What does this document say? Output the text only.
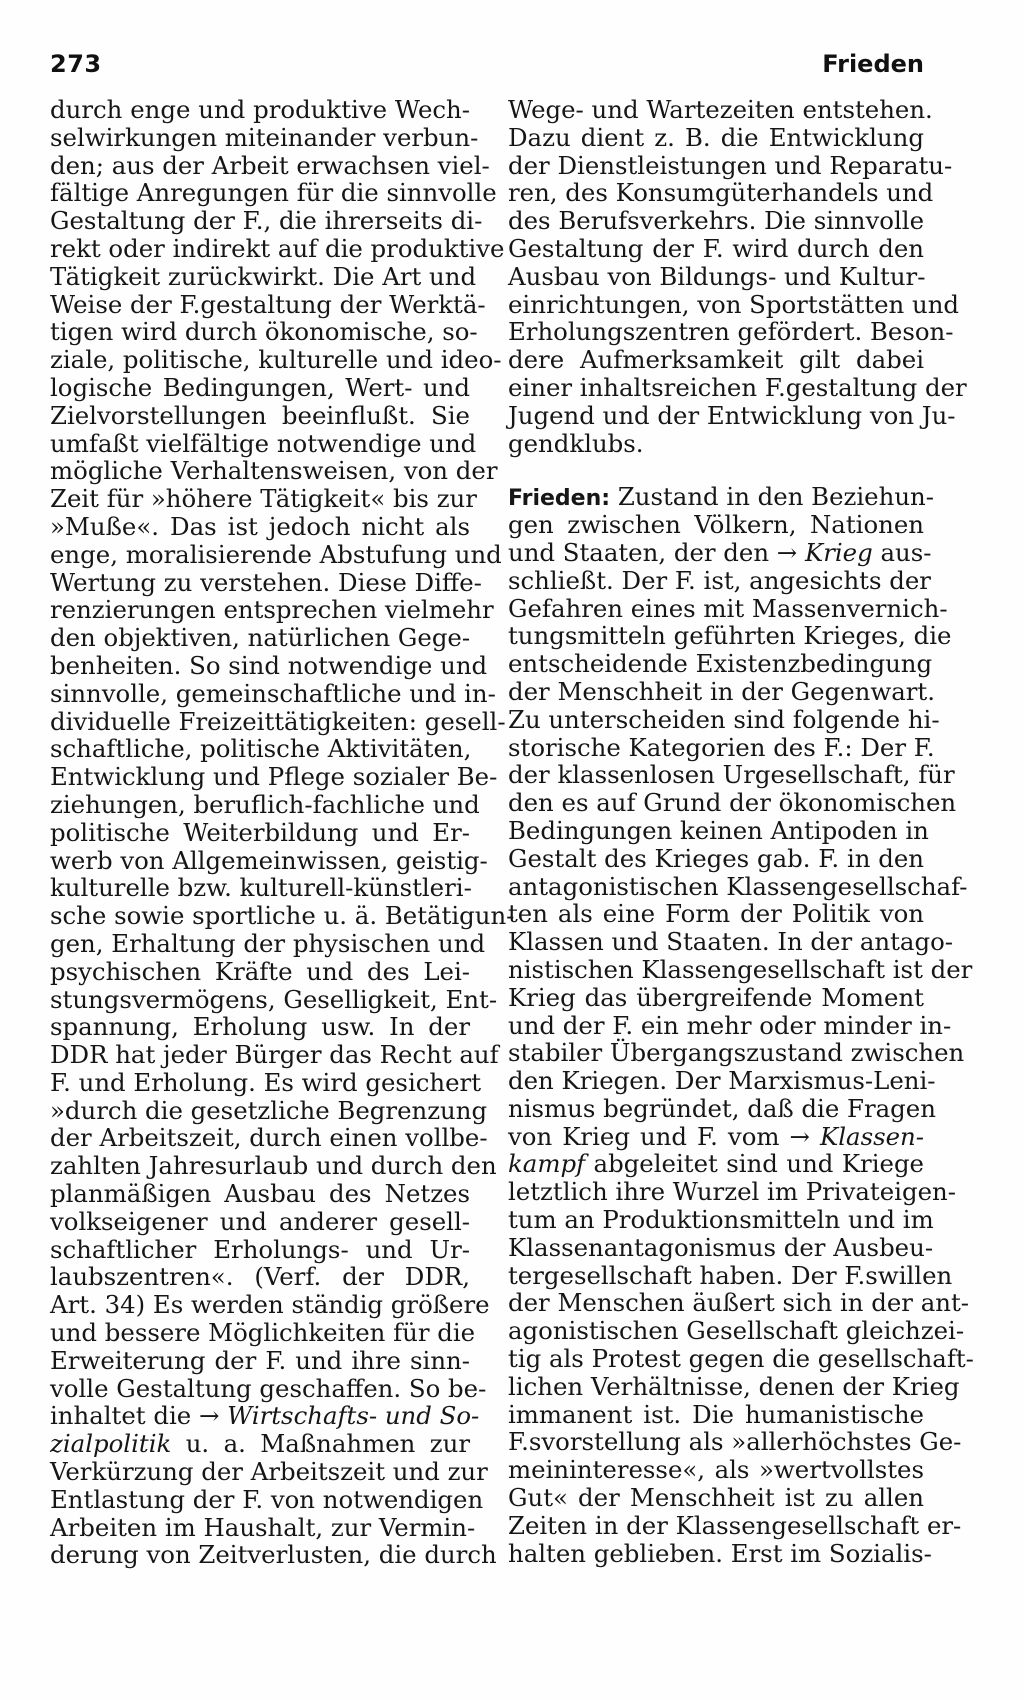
273	Frieden
durch enge und produktive Wech-
selwirkungen miteinander verbun-
den; aus der Arbeit erwachsen viel-
fältige Anregungen für die sinnvolle
Gestaltung der F., die ihrerseits di-
rekt oder indirekt auf die produktive
Tätigkeit zurückwirkt. Die Art und
Weise der F.gestaltung der Werktä-
tigen wird durch ökonomische, so-
ziale, politische, kulturelle und ideo-
logische Bedingungen, Wert- und
Zielvorstellungen beeinflußt. Sie
umfaßt vielfältige notwendige und
mögliche Verhaltensweisen, von der
Zeit für »höhere Tätigkeit« bis zur
»Muße«. Das ist jedoch nicht als
enge, moralisierende Abstufung und
Wertung zu verstehen. Diese Diffe-
renzierungen entsprechen vielmehr
den objektiven, natürlichen Gege-
benheiten. So sind notwendige und
sinnvolle, gemeinschaftliche und in-
dividuelle Freizeittätigkeiten: gesell-
schaftliche, politische Aktivitäten,
Entwicklung und Pflege sozialer Be-
ziehungen, beruflich-fachliche und
politische Weiterbildung und Er-
werb von Allgemeinwissen, geistig-
kulturelle bzw. kulturell-künstleri-
sche sowie sportliche u. ä. Betätigun-
gen, Erhaltung der physischen und
psychischen Kräfte und des Lei-
stungsvermögens, Geselligkeit, Ent-
spannung, Erholung usw. In der
DDR hat jeder Bürger das Recht auf
F. und Erholung. Es wird gesichert
»durch die gesetzliche Begrenzung
der Arbeitszeit, durch einen vollbe-
zahlten Jahresurlaub und durch den
planmäßigen Ausbau des Netzes
volkseigener und anderer gesell-
schaftlicher Erholungs- und Ur-
laubszentren«. (Verf. der DDR,
Art. 34) Es werden ständig größere
und bessere Möglichkeiten für die
Erweiterung der F. und ihre sinn-
volle Gestaltung geschaffen. So be-
inhaltet die → Wirtschafts- und So-
zialpolitik u. a. Maßnahmen zur
Verkürzung der Arbeitszeit und zur
Entlastung der F. von notwendigen
Arbeiten im Haushalt, zur Vermin-
derung von Zeitverlusten, die durch
Wege- und Wartezeiten entstehen.
Dazu dient z. B. die Entwicklung
der Dienstleistungen und Reparatu-
ren, des Konsumgüterhandels und
des Berufsverkehrs. Die sinnvolle
Gestaltung der F. wird durch den
Ausbau von Bildungs- und Kultur-
einrichtungen, von Sportstätten und
Erholungszentren gefördert. Beson-
dere Aufmerksamkeit gilt dabei
einer inhaltsreichen F.gestaltung der
Jugend und der Entwicklung von Ju-
gendklubs.
Frieden: Zustand in den Beziehun-
gen zwischen Völkern, Nationen
und Staaten, der den → Krieg aus-
schließt. Der F. ist, angesichts der
Gefahren eines mit Massenvernich-
tungsmitteln geführten Krieges, die
entscheidende Existenzbedingung
der Menschheit in der Gegenwart.
Zu unterscheiden sind folgende hi-
storische Kategorien des F.: Der F.
der klassenlosen Urgesellschaft, für
den es auf Grund der ökonomischen
Bedingungen keinen Antipoden in
Gestalt des Krieges gab. F. in den
antagonistischen Klassengesellschaf-
ten als eine Form der Politik von
Klassen und Staaten. In der antago-
nistischen Klassengesellschaft ist der
Krieg das übergreifende Moment
und der F. ein mehr oder minder in-
stabiler Übergangszustand zwischen
den Kriegen. Der Marxismus-Leni-
nismus begründet, daß die Fragen
von Krieg und F. vom → Klassen-
kampf abgeleitet sind und Kriege
letztlich ihre Wurzel im Privateigen-
tum an Produktionsmitteln und im
Klassenantagonismus der Ausbeu-
tergesellschaft haben. Der F.swillen
der Menschen äußert sich in der ant-
agonistischen Gesellschaft gleichzei-
tig als Protest gegen die gesellschaft-
lichen Verhältnisse, denen der Krieg
immanent ist. Die humanistische
F.svorstellung als »allerhöchstes Ge-
meininteresse«, als »wertvollstes
Gut« der Menschheit ist zu allen
Zeiten in der Klassengesellschaft er-
halten geblieben. Erst im Sozialis-
